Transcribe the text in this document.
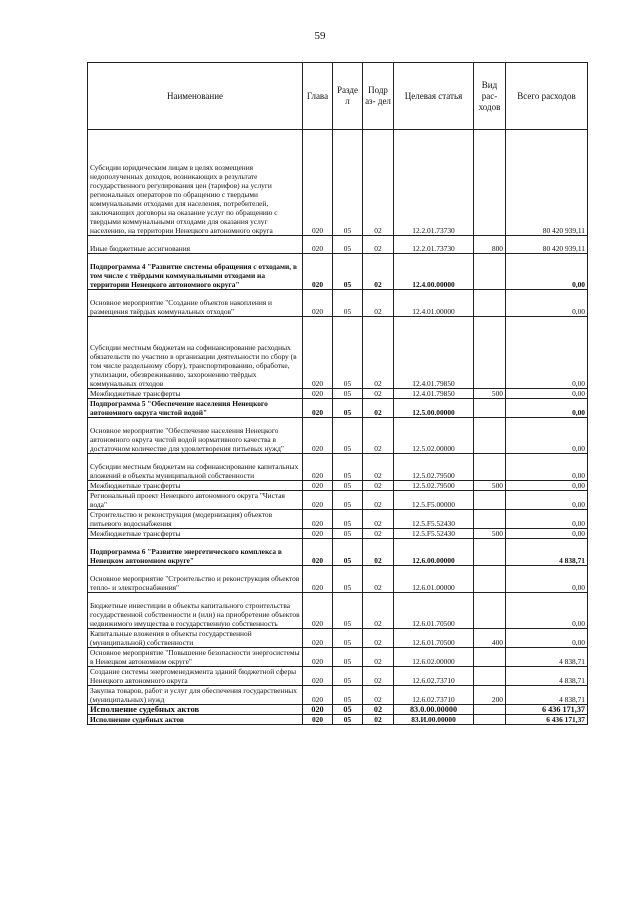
59
Наименование	Глава	Разде л	Подр аз- дел	Целевая статья	Вид рас- ходов	Всего расходов
Субсидии юридическим лицам в целях возмещения недополученных доходов, возникающих в результате государственного регулирования цен (тарифов) на услуги региональных операторов по обращению с твердыми коммунальными отходами для населения, потребителей, заключающих договоры на оказание услуг по обращению с твердыми коммунальными отходами для оказания услуг населению, на территории Ненецкого автономного округа	020	05	02	12.2.01.73730		80 420 939,11
Иные бюджетные ассигнования	020	05	02	12.2.01.73730	800	80 420 939,11
Подпрограмма 4 "Развитие системы обращения с отходами, в том числе с твёрдыми коммунальными отходами на территории Ненецкого автономного округа"	020	05	02	12.4.00.00000		0,00
Основное мероприятие "Создание объектов накопления и размещения твёрдых коммунальных отходов"	020	05	02	12.4.01.00000		0,00
Субсидии местным бюджетам на софинансирование расходных обязательств по участию в организации деятельности по сбору (в том числе раздельному сбору), транспортированию, обработке, утилизации, обезвреживанию, захоронению твёрдых коммунальных отходов	020	05	02	12.4.01.79850		0,00
Межбюджетные трансферты	020	05	02	12.4.01.79850	500	0,00
Подпрограмма 5 "Обеспечение населения Ненецкого автономного округа чистой водой"	020	05	02	12.5.00.00000		0,00
Основное мероприятие "Обеспечение населения Ненецкого автономного округа чистой водой нормативного качества в достаточном количестве для удовлетворения питьевых нужд"	020	05	02	12.5.02.00000		0,00
Субсидии местным бюджетам на софинансирование капитальных вложений в объекты муниципальной собственности	020	05	02	12.5.02.79500		0,00
Межбюджетные трансферты	020	05	02	12.5.02.79500	500	0,00
Региональный проект Ненецкого автономного округа "Чистая вода"	020	05	02	12.5.F5.00000		0,00
Строительство и реконструкция (модернизация) объектов питьевого водоснабжения	020	05	02	12.5.F5.52430		0,00
Межбюджетные трансферты	020	05	02	12.5.F5.52430	500	0,00
Подпрограмма 6 "Развитие энергетического комплекса в Ненецком автономном округе"	020	05	02	12.6.00.00000		4 838,71
Основное мероприятие "Строительство и реконструкция объектов тепло- и электроснабжения"	020	05	02	12.6.01.00000		0,00
Бюджетные инвестиции в объекты капитального строительства государственной собственности и (или) на приобретение объектов недвижимого имущества в государственную собственность	020	05	02	12.6.01.70500		0,00
Капитальные вложения в объекты государственной (муниципальной) собственности	020	05	02	12.6.01.70500	400	0,00
Основное мероприятие "Повышение безопасности энергосистемы в Ненецком автономном округе"	020	05	02	12.6.02.00000		4 838,71
Создание системы энергоменеджмента зданий бюджетной сферы Ненецкого автономного округа	020	05	02	12.6.02.73710		4 838,71
Закупка товаров, работ и услуг для обеспечения государственных (муниципальных) нужд	020	05	02	12.6.02.73710	200	4 838,71
Исполнение судебных актов	020	05	02	83.0.00.00000		6 436 171,37
Исполнение судебных актов	020	05	02	83.И.00.00000		6 436 171,37
